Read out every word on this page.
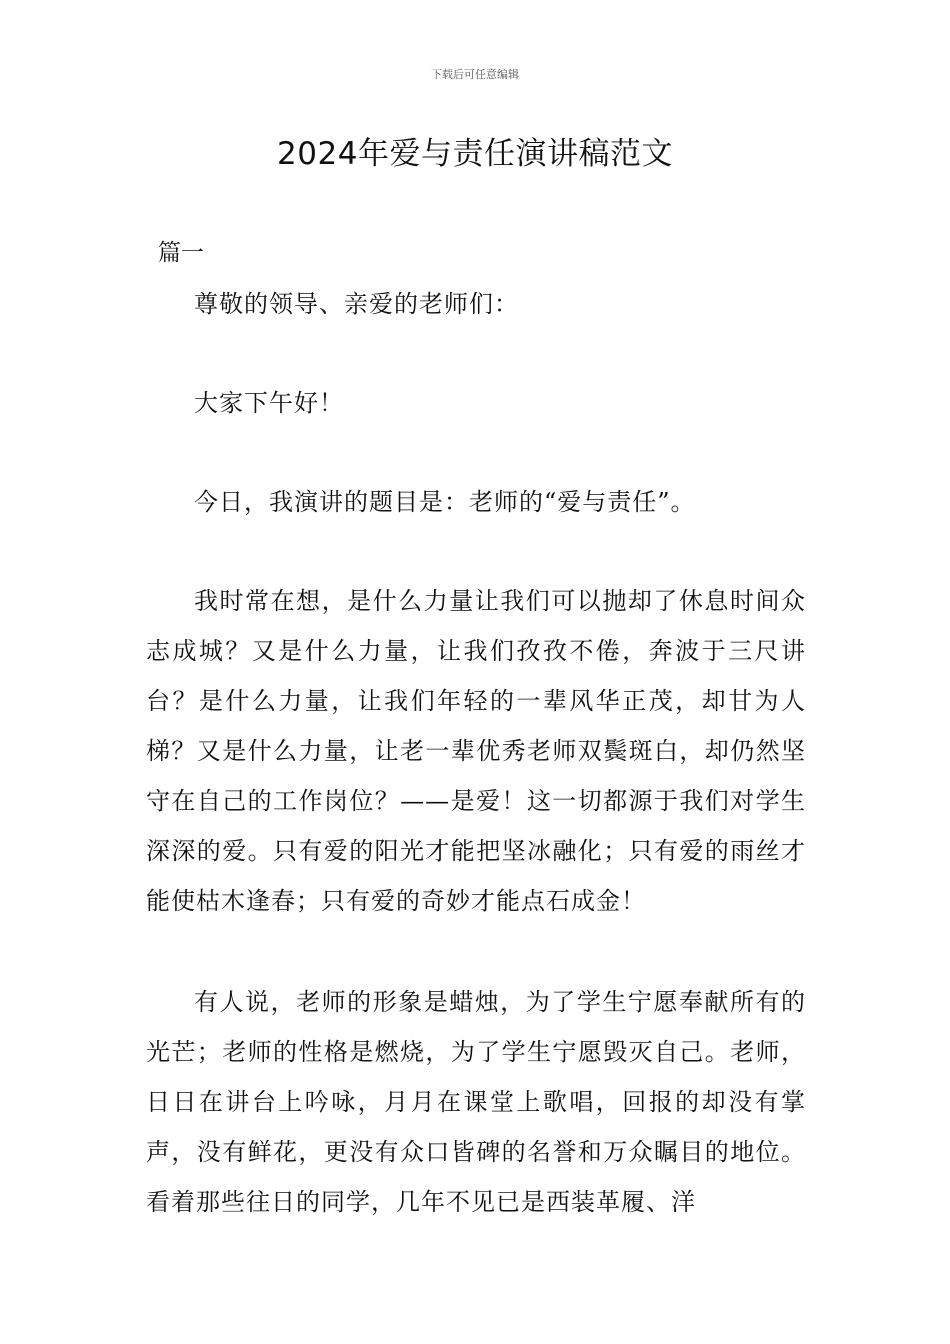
下载后可任意编辑
2024年爱与责任演讲稿范文
篇一

尊敬的领导、亲爱的老师们：

大家下午好！

今日，我演讲的题目是：老师的“爱与责任”。

我时常在想，是什么力量让我们可以抛却了休息时间众志成城？又是什么力量，让我们孜孜不倦，奔波于三尺讲台？是什么力量，让我们年轻的一辈风华正茂，却甘为人梯？又是什么力量，让老一辈优秀老师双鬓斑白，却仍然坚守在自己的工作岗位？——是爱！这一切都源于我们对学生深深的爱。只有爱的阳光才能把坚冰融化；只有爱的雨丝才能使枯木逢春；只有爱的奇妙才能点石成金！

有人说，老师的形象是蜡烛，为了学生宁愿奉献所有的光芒；老师的性格是燃烧，为了学生宁愿毁灭自己。老师，日日在讲台上吟咏，月月在课堂上歌唱，回报的却没有掌声，没有鲜花，更没有众口皆碑的名誉和万众瞩目的地位。看着那些往日的同学，几年不见已是西装革履、洋
